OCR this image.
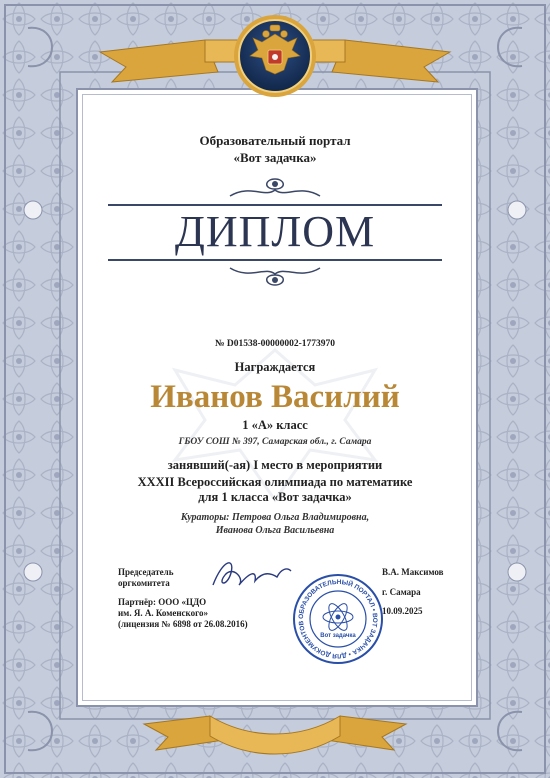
Образовательный портал
«Вот задачка»
ДИПЛОМ
№ D01538-00000002-1773970
Награждается
Иванов Василий
1 «А» класс
ГБОУ СОШ № 397, Самарская обл., г. Самара
занявший(-ая) I место в мероприятии
XXXII Всероссийская олимпиада по математике
для 1 класса «Вот задачка»
Кураторы: Петрова Ольга Владимировна,
Иванова Ольга Васильевна
Председатель
оргкомитета
Партнёр: ООО «ЦДО
им. Я. А. Коменского»
(лицензия № 6898 от 26.08.2016)
ОБРАЗОВАТЕЛЬНЫЙ ПОРТАЛ • ВОТ ЗАДАЧКА • ДЛЯ ДОКУМЕНТОВ
Вот задачка
В.А. Максимов
г. Самара
10.09.2025
